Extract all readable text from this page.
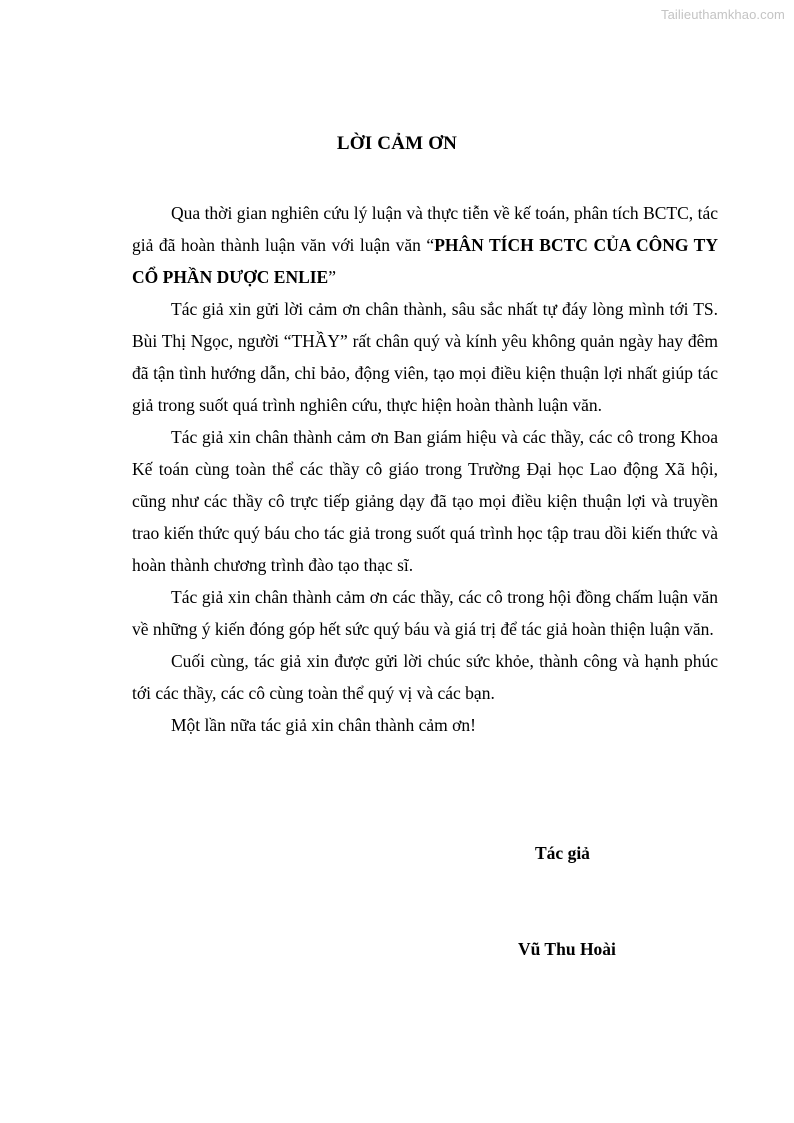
Tailieuthamkhao.com
LỜI CẢM ƠN

Qua thời gian nghiên cứu lý luận và thực tiễn về kế toán, phân tích BCTC, tác giả đã hoàn thành luận văn với luận văn “PHÂN TÍCH BCTC CỦA CÔNG TY CỔ PHẦN DƯỢC ENLIE”

Tác giả xin gửi lời cảm ơn chân thành, sâu sắc nhất tự đáy lòng mình tới TS. Bùi Thị Ngọc, người “THẦY” rất chân quý và kính yêu không quản ngày hay đêm đã tận tình hướng dẫn, chỉ bảo, động viên, tạo mọi điều kiện thuận lợi nhất giúp tác giả trong suốt quá trình nghiên cứu, thực hiện hoàn thành luận văn.

Tác giả xin chân thành cảm ơn Ban giám hiệu và các thầy, các cô trong Khoa Kế toán cùng toàn thể các thầy cô giáo trong Trường Đại học Lao động Xã hội, cũng như các thầy cô trực tiếp giảng dạy đã tạo mọi điều kiện thuận lợi và truyền trao kiến thức quý báu cho tác giả trong suốt quá trình học tập trau dồi kiến thức và hoàn thành chương trình đào tạo thạc sĩ.

Tác giả xin chân thành cảm ơn các thầy, các cô trong hội đồng chấm luận văn về những ý kiến đóng góp hết sức quý báu và giá trị để tác giả hoàn thiện luận văn.

Cuối cùng, tác giả xin được gửi lời chúc sức khỏe, thành công và hạnh phúc tới các thầy, các cô cùng toàn thể quý vị và các bạn.

Một lần nữa tác giả xin chân thành cảm ơn!

Tác giả
Vũ Thu Hoài
